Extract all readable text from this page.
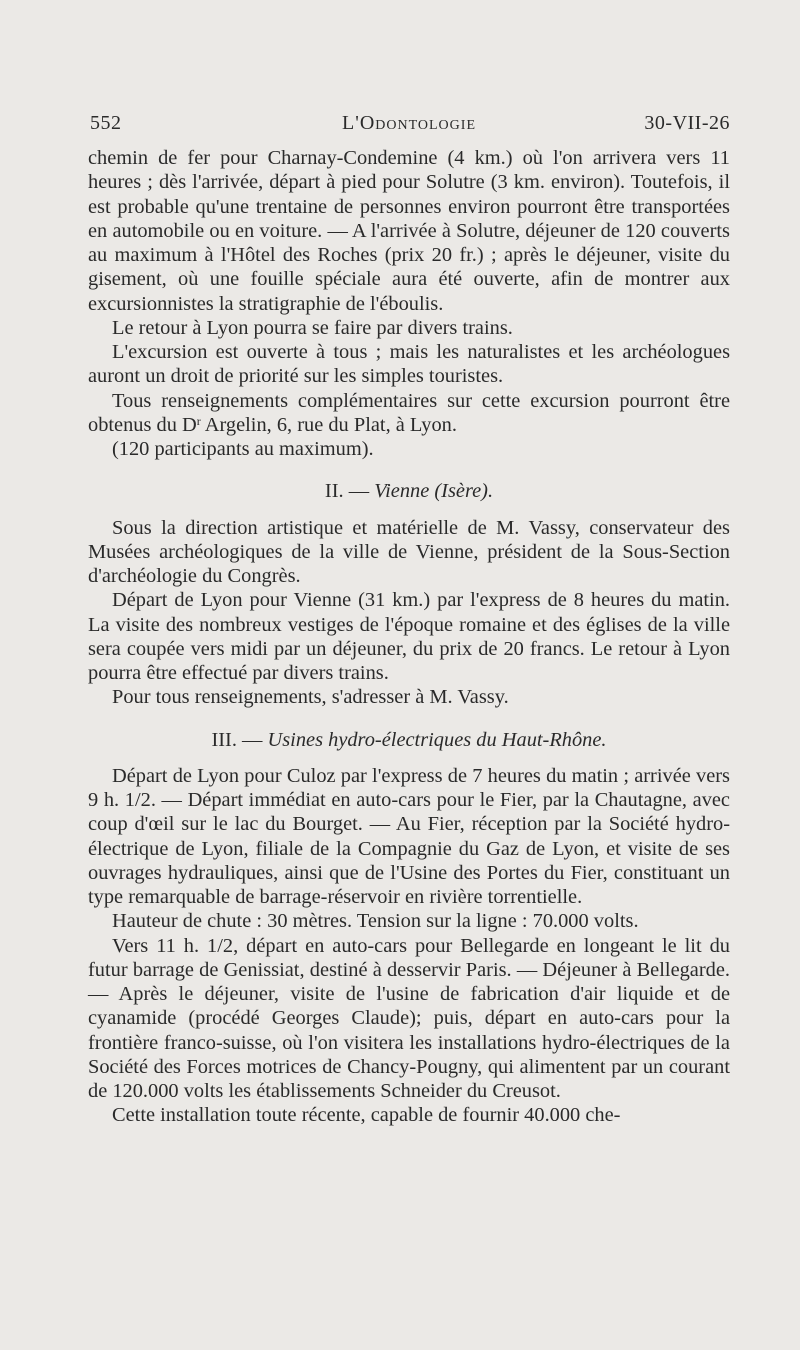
552	L'Odontologie	30-VII-26

chemin de fer pour Charnay-Condemine (4 km.) où l'on arrivera vers 11 heures ; dès l'arrivée, départ à pied pour Solutre (3 km. environ). Toutefois, il est probable qu'une trentaine de personnes environ pourront être transportées en automobile ou en voiture. — A l'arrivée à Solutre, déjeuner de 120 couverts au maximum à l'Hôtel des Roches (prix 20 fr.) ; après le déjeuner, visite du gisement, où une fouille spéciale aura été ouverte, afin de montrer aux excursionnistes la stratigraphie de l'éboulis.

Le retour à Lyon pourra se faire par divers trains.

L'excursion est ouverte à tous ; mais les naturalistes et les archéologues auront un droit de priorité sur les simples touristes.

Tous renseignements complémentaires sur cette excursion pourront être obtenus du $D^r$ Argelin, 6, rue du Plat, à Lyon.

(120 participants au maximum).

II. — Vienne (Isère).

Sous la direction artistique et matérielle de M. Vassy, conservateur des Musées archéologiques de la ville de Vienne, président de la Sous-Section d'archéologie du Congrès.

Départ de Lyon pour Vienne (31 km.) par l'express de 8 heures du matin. La visite des nombreux vestiges de l'époque romaine et des églises de la ville sera coupée vers midi par un déjeuner, du prix de 20 francs. Le retour à Lyon pourra être effectué par divers trains.

Pour tous renseignements, s'adresser à M. Vassy.

III. — Usines hydro-électriques du Haut-Rhône.

Départ de Lyon pour Culoz par l'express de 7 heures du matin ; arrivée vers 9 h. 1/2. — Départ immédiat en auto-cars pour le Fier, par la Chautagne, avec coup d'œil sur le lac du Bourget. — Au Fier, réception par la Société hydro-électrique de Lyon, filiale de la Compagnie du Gaz de Lyon, et visite de ses ouvrages hydrauliques, ainsi que de l'Usine des Portes du Fier, constituant un type remarquable de barrage-réservoir en rivière torrentielle.

Hauteur de chute : 30 mètres. Tension sur la ligne : 70.000 volts.

Vers 11 h. 1/2, départ en auto-cars pour Bellegarde en longeant le lit du futur barrage de Genissiat, destiné à desservir Paris. — Déjeuner à Bellegarde. — Après le déjeuner, visite de l'usine de fabrication d'air liquide et de cyanamide (procédé Georges Claude); puis, départ en auto-cars pour la frontière franco-suisse, où l'on visitera les installations hydro-électriques de la Société des Forces motrices de Chancy-Pougny, qui alimentent par un courant de 120.000 volts les établissements Schneider du Creusot.

Cette installation toute récente, capable de fournir 40.000 che-
